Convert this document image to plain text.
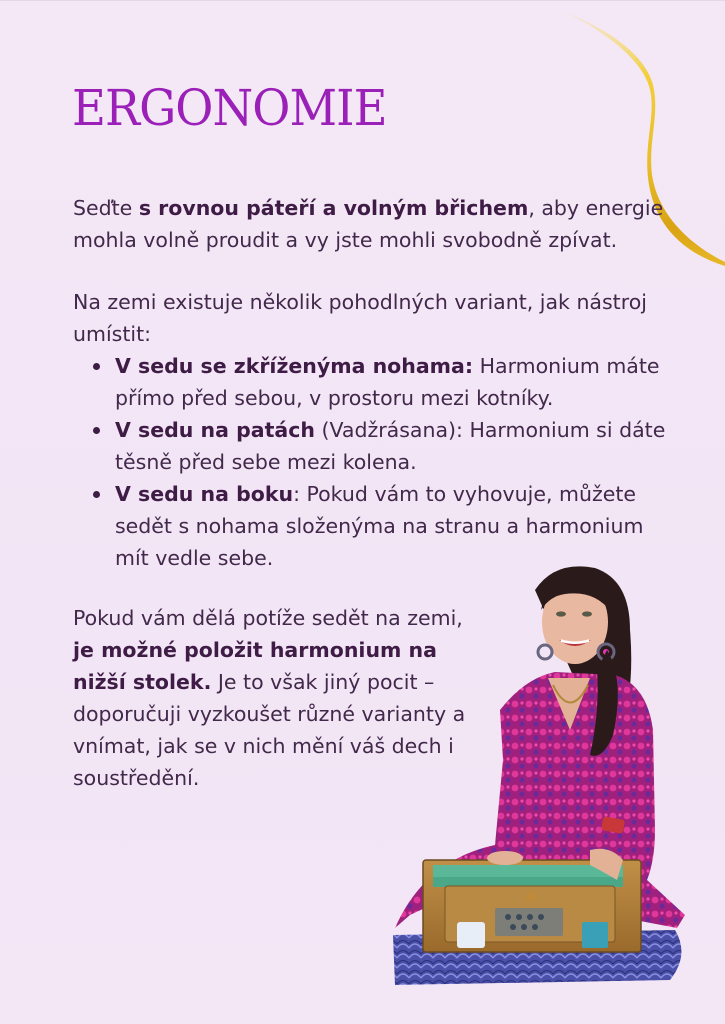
ERGONOMIE

Seďte s rovnou páteří a volným břichem, aby energie mohla volně proudit a vy jste mohli svobodně zpívat.

Na zemi existuje několik pohodlných variant, jak nástroj umístit:

V sedu se zkříženýma nohama: Harmonium máte přímo před sebou, v prostoru mezi kotníky.
V sedu na patách (Vadžrásana): Harmonium si dáte těsně před sebe mezi kolena.
V sedu na boku: Pokud vám to vyhovuje, můžete sedět s nohama složenýma na stranu a harmonium mít vedle sebe.

Pokud vám dělá potíže sedět na zemi, je možné položit harmonium na nižší stolek. Je to však jiný pocit – doporučuji vyzkoušet různé varianty a vnímat, jak se v nich mění váš dech i soustředění.

ॐ
